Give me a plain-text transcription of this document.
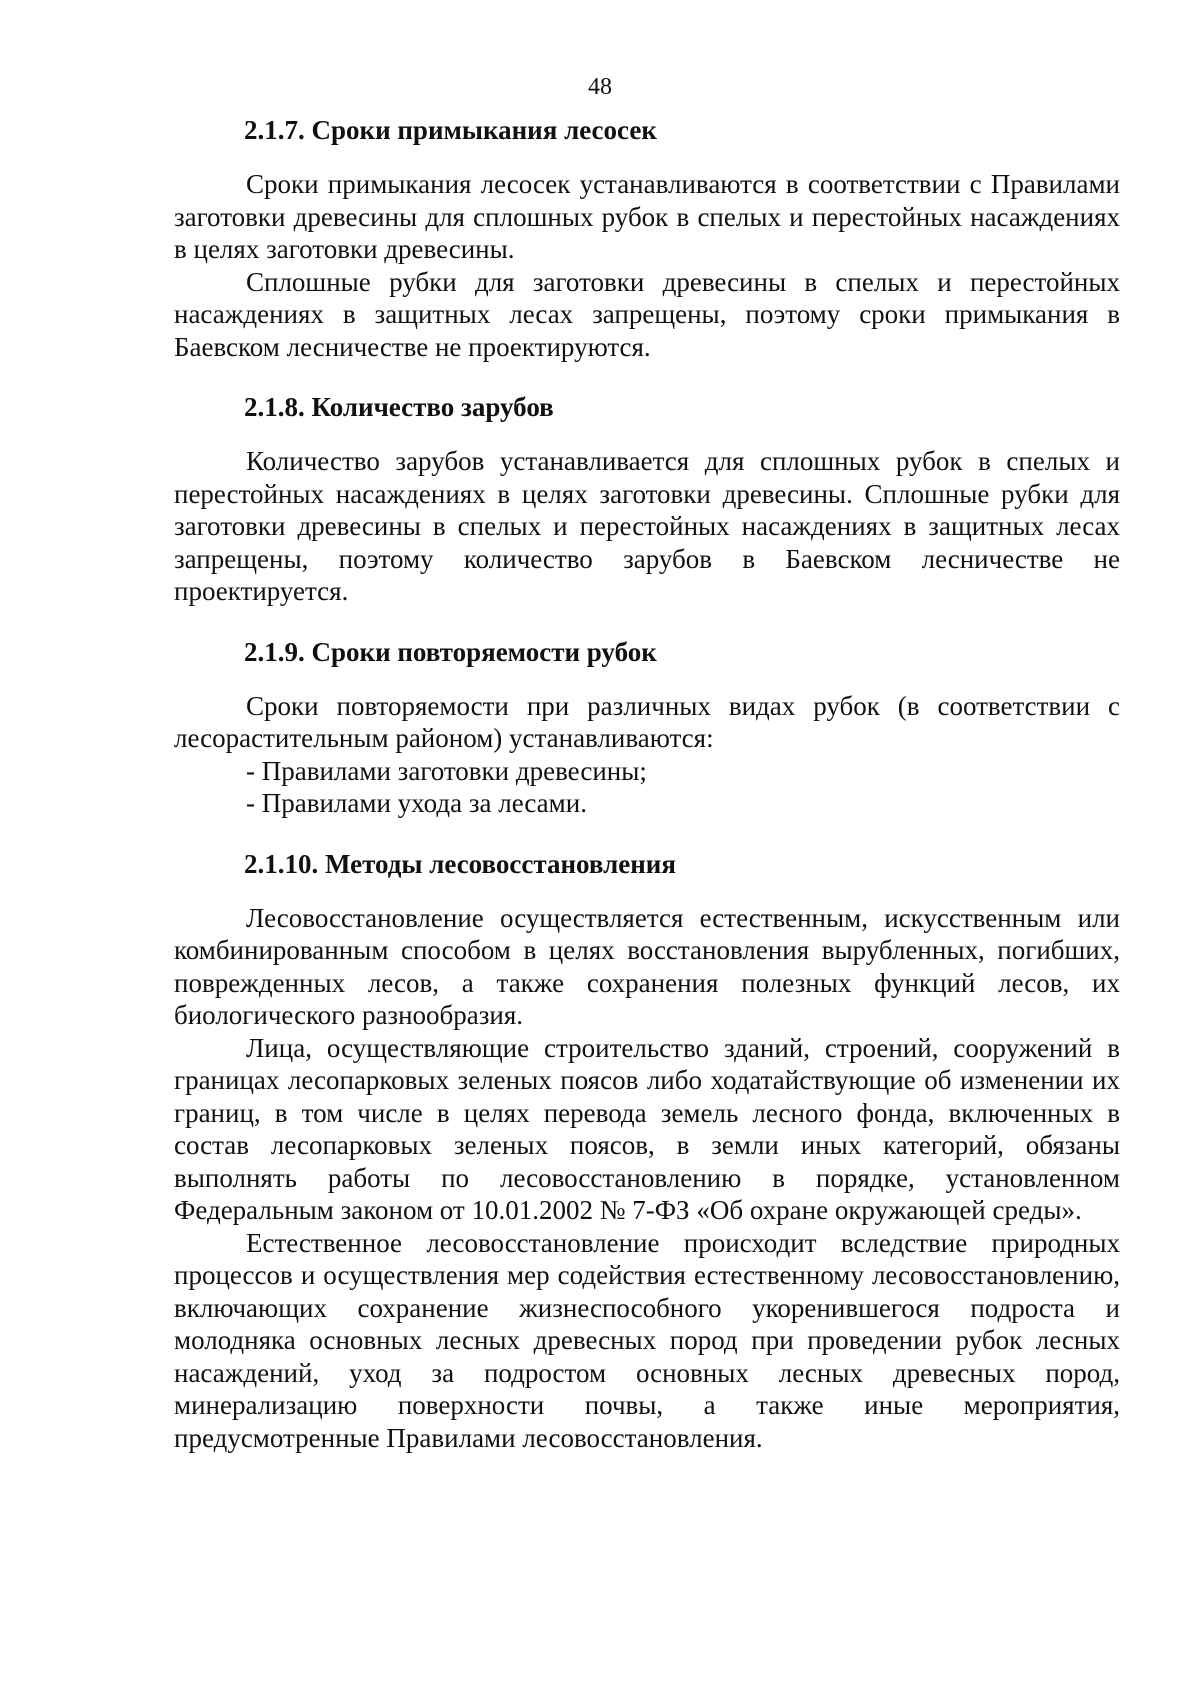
48
2.1.7. Сроки примыкания лесосек

Сроки примыкания лесосек устанавливаются в соответствии с Правилами заготовки древесины для сплошных рубок в спелых и перестойных насаждениях в целях заготовки древесины.

Сплошные рубки для заготовки древесины в спелых и перестойных насаждениях в защитных лесах запрещены, поэтому сроки примыкания в Баевском лесничестве не проектируются.

2.1.8. Количество зарубов

Количество зарубов устанавливается для сплошных рубок в спелых и перестойных насаждениях в целях заготовки древесины. Сплошные рубки для заготовки древесины в спелых и перестойных насаждениях в защитных лесах запрещены, поэтому количество зарубов в Баевском лесничестве не проектируется.

2.1.9. Сроки повторяемости рубок

Сроки повторяемости при различных видах рубок (в соответствии с лесорастительным районом) устанавливаются:

- Правилами заготовки древесины;
- Правилами ухода за лесами.
2.1.10. Методы лесовосстановления

Лесовосстановление осуществляется естественным, искусственным или комбинированным способом в целях восстановления вырубленных, погибших, поврежденных лесов, а также сохранения полезных функций лесов, их биологического разнообразия.

Лица, осуществляющие строительство зданий, строений, сооружений в границах лесопарковых зеленых поясов либо ходатайствующие об изменении их границ, в том числе в целях перевода земель лесного фонда, включенных в состав лесопарковых зеленых поясов, в земли иных категорий, обязаны выполнять работы по лесовосстановлению в порядке, установленном Федеральным законом от 10.01.2002 № 7-ФЗ «Об охране окружающей среды».

Естественное лесовосстановление происходит вследствие природных процессов и осуществления мер содействия естественному лесовосстановлению, включающих сохранение жизнеспособного укоренившегося подроста и молодняка основных лесных древесных пород при проведении рубок лесных насаждений, уход за подростом основных лесных древесных пород, минерализацию поверхности почвы, а также иные мероприятия, предусмотренные Правилами лесовосстановления.
